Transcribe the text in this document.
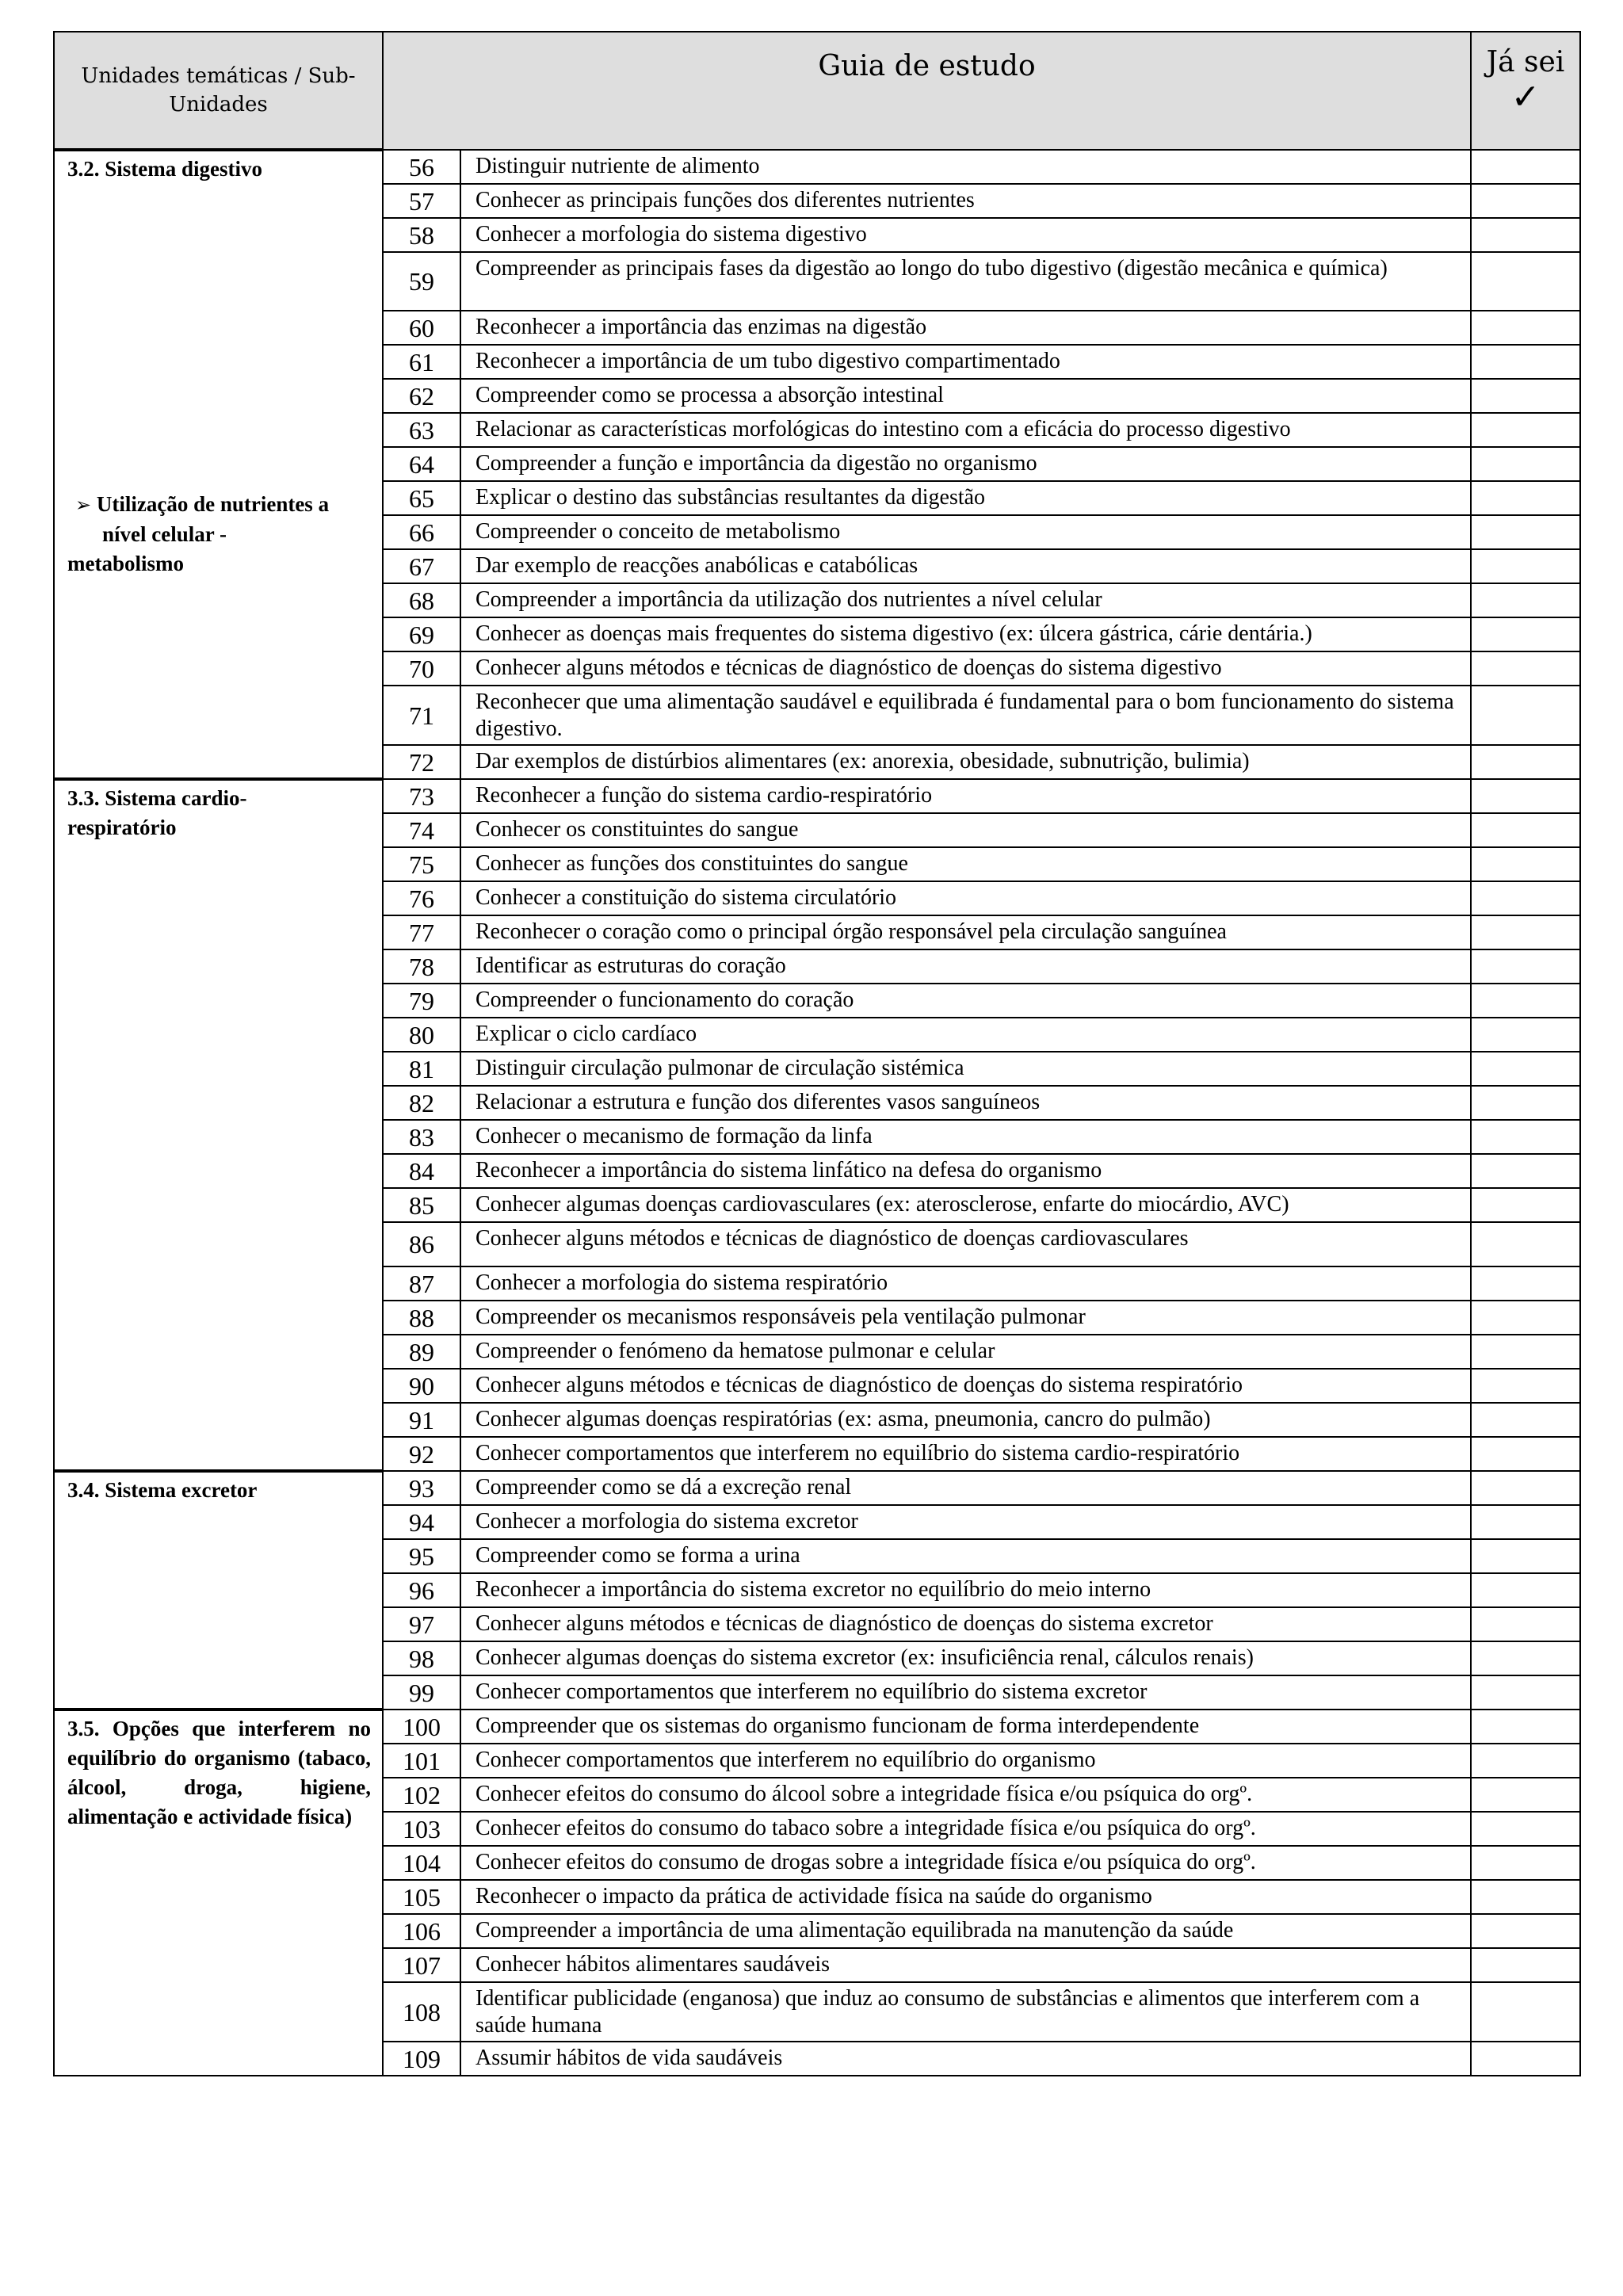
Unidades temáticas / Sub-Unidades	Guia de estudo		Já sei
✓

3.2. Sistema digestivo
➢ Utilização de nutrientes a
nível celular -
metabolismo	56	Distinguir nutriente de alimento	
	57	Conhecer as principais funções dos diferentes nutrientes	
	58	Conhecer a morfologia do sistema digestivo	
	59	Compreender as principais fases da digestão ao longo do tubo digestivo (digestão mecânica e química)	
	60	Reconhecer a importância das enzimas na digestão	
	61	Reconhecer a importância de um tubo digestivo compartimentado	
	62	Compreender como se processa a absorção intestinal	
	63	Relacionar as características morfológicas do intestino com a eficácia do processo digestivo	
	64	Compreender a função e importância da digestão no organismo	
	65	Explicar o destino das substâncias resultantes da digestão	
	66	Compreender o conceito de metabolismo	
	67	Dar exemplo de reacções anabólicas e catabólicas	
	68	Compreender a importância da utilização dos nutrientes a nível celular	
	69	Conhecer as doenças mais frequentes do sistema digestivo (ex: úlcera gástrica, cárie dentária.)	
	70	Conhecer alguns métodos e técnicas de diagnóstico de doenças do sistema digestivo	
	71	Reconhecer que uma alimentação saudável e equilibrada é fundamental para o bom funcionamento do sistema digestivo.	
	72	Dar exemplos de distúrbios alimentares (ex: anorexia, obesidade, subnutrição, bulimia)	

3.3. Sistema cardio-respiratório	73	Reconhecer a função do sistema cardio-respiratório	
	74	Conhecer os constituintes do sangue	
	75	Conhecer as funções dos constituintes do sangue	
	76	Conhecer a constituição do sistema circulatório	
	77	Reconhecer o coração como o principal órgão responsável pela circulação sanguínea	
	78	Identificar as estruturas do coração	
	79	Compreender o funcionamento do coração	
	80	Explicar o ciclo cardíaco	
	81	Distinguir circulação pulmonar de circulação sistémica	
	82	Relacionar a estrutura e função dos diferentes vasos sanguíneos	
	83	Conhecer o mecanismo de formação da linfa	
	84	Reconhecer a importância do sistema linfático na defesa do organismo	
	85	Conhecer algumas doenças cardiovasculares (ex: aterosclerose, enfarte do miocárdio, AVC)	
	86	Conhecer alguns métodos e técnicas de diagnóstico de doenças cardiovasculares	
	87	Conhecer a morfologia do sistema respiratório	
	88	Compreender os mecanismos responsáveis pela ventilação pulmonar	
	89	Compreender o fenómeno da hematose pulmonar e celular	
	90	Conhecer alguns métodos e técnicas de diagnóstico de doenças do sistema respiratório	
	91	Conhecer algumas doenças respiratórias (ex: asma, pneumonia, cancro do pulmão)	
	92	Conhecer comportamentos que interferem no equilíbrio do sistema cardio-respiratório	

3.4. Sistema excretor	93	Compreender como se dá a excreção renal	
	94	Conhecer a morfologia do sistema excretor	
	95	Compreender como se forma a urina	
	96	Reconhecer a importância do sistema excretor no equilíbrio do meio interno	
	97	Conhecer alguns métodos e técnicas de diagnóstico de doenças do sistema excretor	
	98	Conhecer algumas doenças do sistema excretor (ex: insuficiência renal, cálculos renais)	
	99	Conhecer comportamentos que interferem no equilíbrio do sistema excretor	

3.5. Opções que interferem no equilíbrio do organismo (tabaco, álcool, droga, higiene, alimentação e actividade física)	100	Compreender que os sistemas do organismo funcionam de forma interdependente	
	101	Conhecer comportamentos que interferem no equilíbrio do organismo	
	102	Conhecer efeitos do consumo do álcool sobre a integridade física e/ou psíquica do orgº.	
	103	Conhecer efeitos do consumo do tabaco sobre a integridade física e/ou psíquica do orgº.	
	104	Conhecer efeitos do consumo de drogas sobre a integridade física e/ou psíquica do orgº.	
	105	Reconhecer o impacto da prática de actividade física na saúde do organismo	
	106	Compreender a importância de uma alimentação equilibrada na manutenção da saúde	
	107	Conhecer hábitos alimentares saudáveis	
	108	Identificar publicidade (enganosa) que induz ao consumo de substâncias e alimentos que interferem com a saúde humana	
	109	Assumir hábitos de vida saudáveis	
